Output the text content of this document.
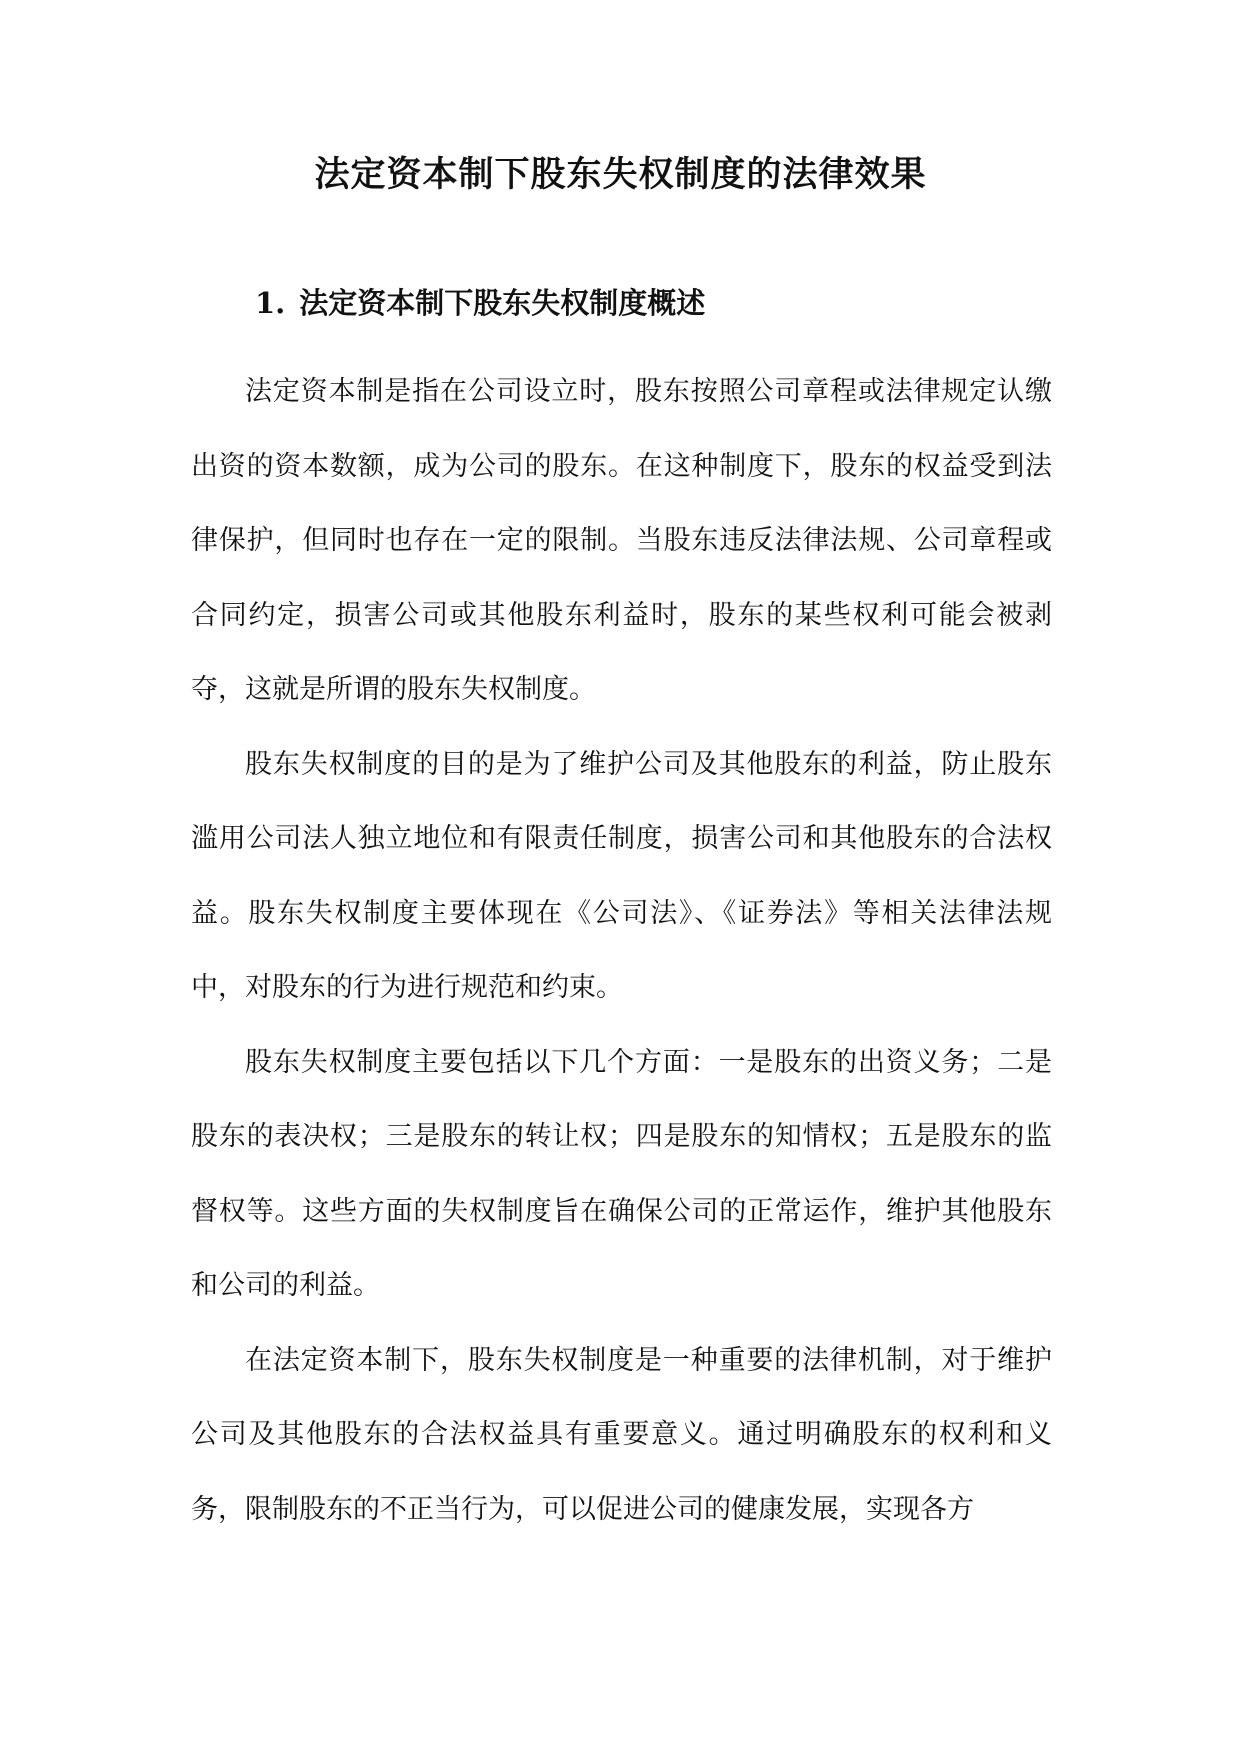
法定资本制下股东失权制度的法律效果
1. 法定资本制下股东失权制度概述

法定资本制是指在公司设立时，股东按照公司章程或法律规定认缴出资的资本数额，成为公司的股东。在这种制度下，股东的权益受到法律保护，但同时也存在一定的限制。当股东违反法律法规、公司章程或合同约定，损害公司或其他股东利益时，股东的某些权利可能会被剥夺，这就是所谓的股东失权制度。

股东失权制度的目的是为了维护公司及其他股东的利益，防止股东滥用公司法人独立地位和有限责任制度，损害公司和其他股东的合法权益。股东失权制度主要体现在《公司法》、《证券法》等相关法律法规中，对股东的行为进行规范和约束。

股东失权制度主要包括以下几个方面：一是股东的出资义务；二是股东的表决权；三是股东的转让权；四是股东的知情权；五是股东的监督权等。这些方面的失权制度旨在确保公司的正常运作，维护其他股东和公司的利益。

在法定资本制下，股东失权制度是一种重要的法律机制，对于维护公司及其他股东的合法权益具有重要意义。通过明确股东的权利和义务，限制股东的不正当行为，可以促进公司的健康发展，实现各方
